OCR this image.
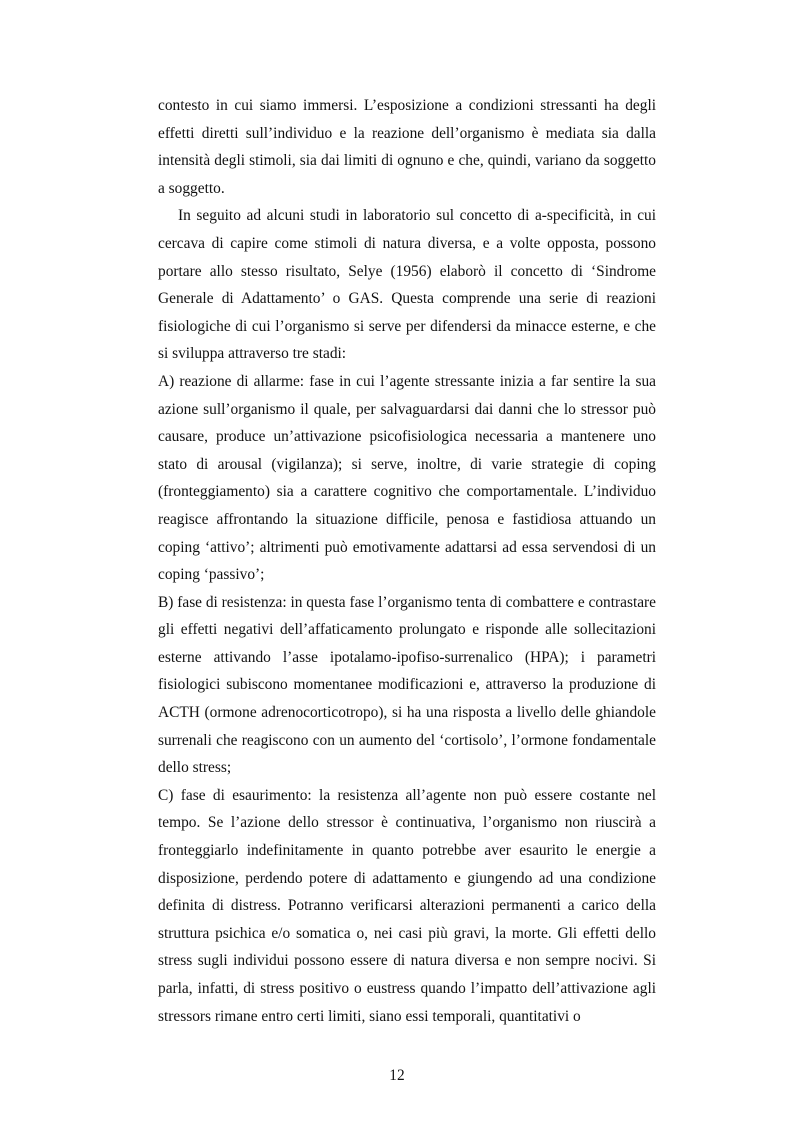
contesto in cui siamo immersi. L’esposizione a condizioni stressanti ha degli effetti diretti sull’individuo e la reazione dell’organismo è mediata sia dalla intensità degli stimoli, sia dai limiti di ognuno e che, quindi, variano da soggetto a soggetto.

In seguito ad alcuni studi in laboratorio sul concetto di a-specificità, in cui cercava di capire come stimoli di natura diversa, e a volte opposta, possono portare allo stesso risultato, Selye (1956) elaborò il concetto di ‘Sindrome Generale di Adattamento’ o GAS. Questa comprende una serie di reazioni fisiologiche di cui l’organismo si serve per difendersi da minacce esterne, e che si sviluppa attraverso tre stadi:

A) reazione di allarme: fase in cui l’agente stressante inizia a far sentire la sua azione sull’organismo il quale, per salvaguardarsi dai danni che lo stressor può causare, produce un’attivazione psicofisiologica necessaria a mantenere uno stato di arousal (vigilanza); si serve, inoltre, di varie strategie di coping (fronteggiamento) sia a carattere cognitivo che comportamentale. L’individuo reagisce affrontando la situazione difficile, penosa e fastidiosa attuando un coping ‘attivo’; altrimenti può emotivamente adattarsi ad essa servendosi di un coping ‘passivo’;

B) fase di resistenza: in questa fase l’organismo tenta di combattere e contrastare gli effetti negativi dell’affaticamento prolungato e risponde alle sollecitazioni esterne attivando l’asse ipotalamo-ipofiso-surrenalico (HPA); i parametri fisiologici subiscono momentanee modificazioni e, attraverso la produzione di ACTH (ormone adrenocorticotropo), si ha una risposta a livello delle ghiandole surrenali che reagiscono con un aumento del ‘cortisolo’, l’ormone fondamentale dello stress;

C) fase di esaurimento: la resistenza all’agente non può essere costante nel tempo. Se l’azione dello stressor è continuativa, l’organismo non riuscirà a fronteggiarlo indefinitamente in quanto potrebbe aver esaurito le energie a disposizione, perdendo potere di adattamento e giungendo ad una condizione definita di distress. Potranno verificarsi alterazioni permanenti a carico della struttura psichica e/o somatica o, nei casi più gravi, la morte. Gli effetti dello stress sugli individui possono essere di natura diversa e non sempre nocivi. Si parla, infatti, di stress positivo o eustress quando l’impatto dell’attivazione agli stressors rimane entro certi limiti, siano essi temporali, quantitativi o

12
